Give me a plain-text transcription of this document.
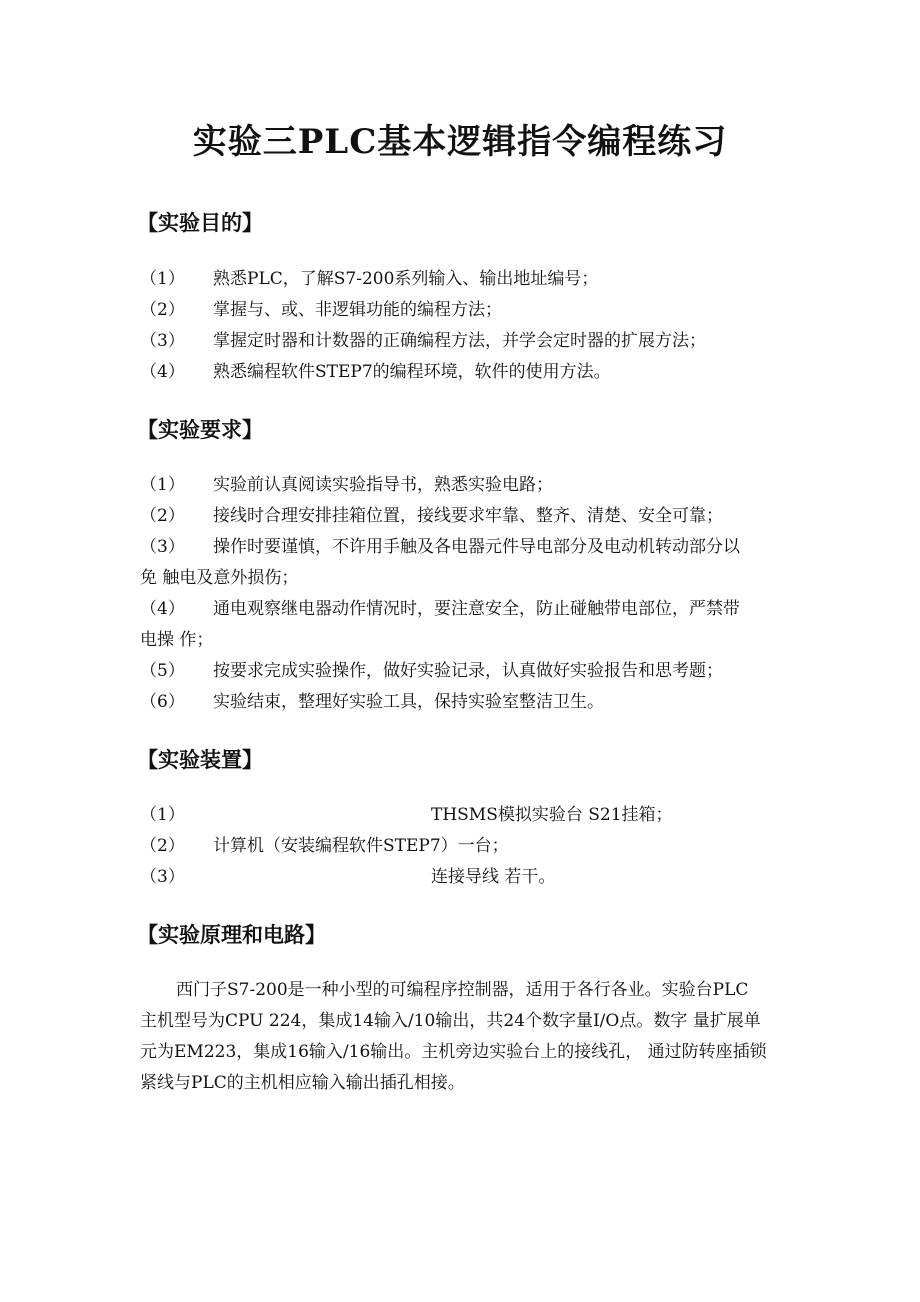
实验三PLC基本逻辑指令编程练习
【实验目的】
（1） 熟悉PLC，了解S7-200系列输入、输出地址编号；
（2） 掌握与、或、非逻辑功能的编程方法；
（3） 掌握定时器和计数器的正确编程方法，并学会定时器的扩展方法；
（4） 熟悉编程软件STEP7的编程环境，软件的使用方法。
【实验要求】
（1） 实验前认真阅读实验指导书，熟悉实验电路；
（2） 接线时合理安排挂箱位置，接线要求牢靠、整齐、清楚、安全可靠；
（3） 操作时要谨慎，不许用手触及各电器元件导电部分及电动机转动部分以
免 触电及意外损伤；
（4） 通电观察继电器动作情况时，要注意安全，防止碰触带电部位，严禁带
电操 作；
（5） 按要求完成实验操作，做好实验记录，认真做好实验报告和思考题；
（6） 实验结束，整理好实验工具，保持实验室整洁卫生。
【实验装置】
（1）	THSMS模拟实验台 S21挂箱；
（2） 计算机（安装编程软件STEP7）一台；
（3）	连接导线 若干。
【实验原理和电路】
西门子S7-200是一种小型的可编程序控制器，适用于各行各业。实验台PLC
主机型号为CPU 224，集成14输入/10输出，共24个数字量I/O点。数字 量扩展单
元为EM223，集成16输入/16输出。主机旁边实验台上的接线孔， 通过防转座插锁
紧线与PLC的主机相应输入输出插孔相接。
